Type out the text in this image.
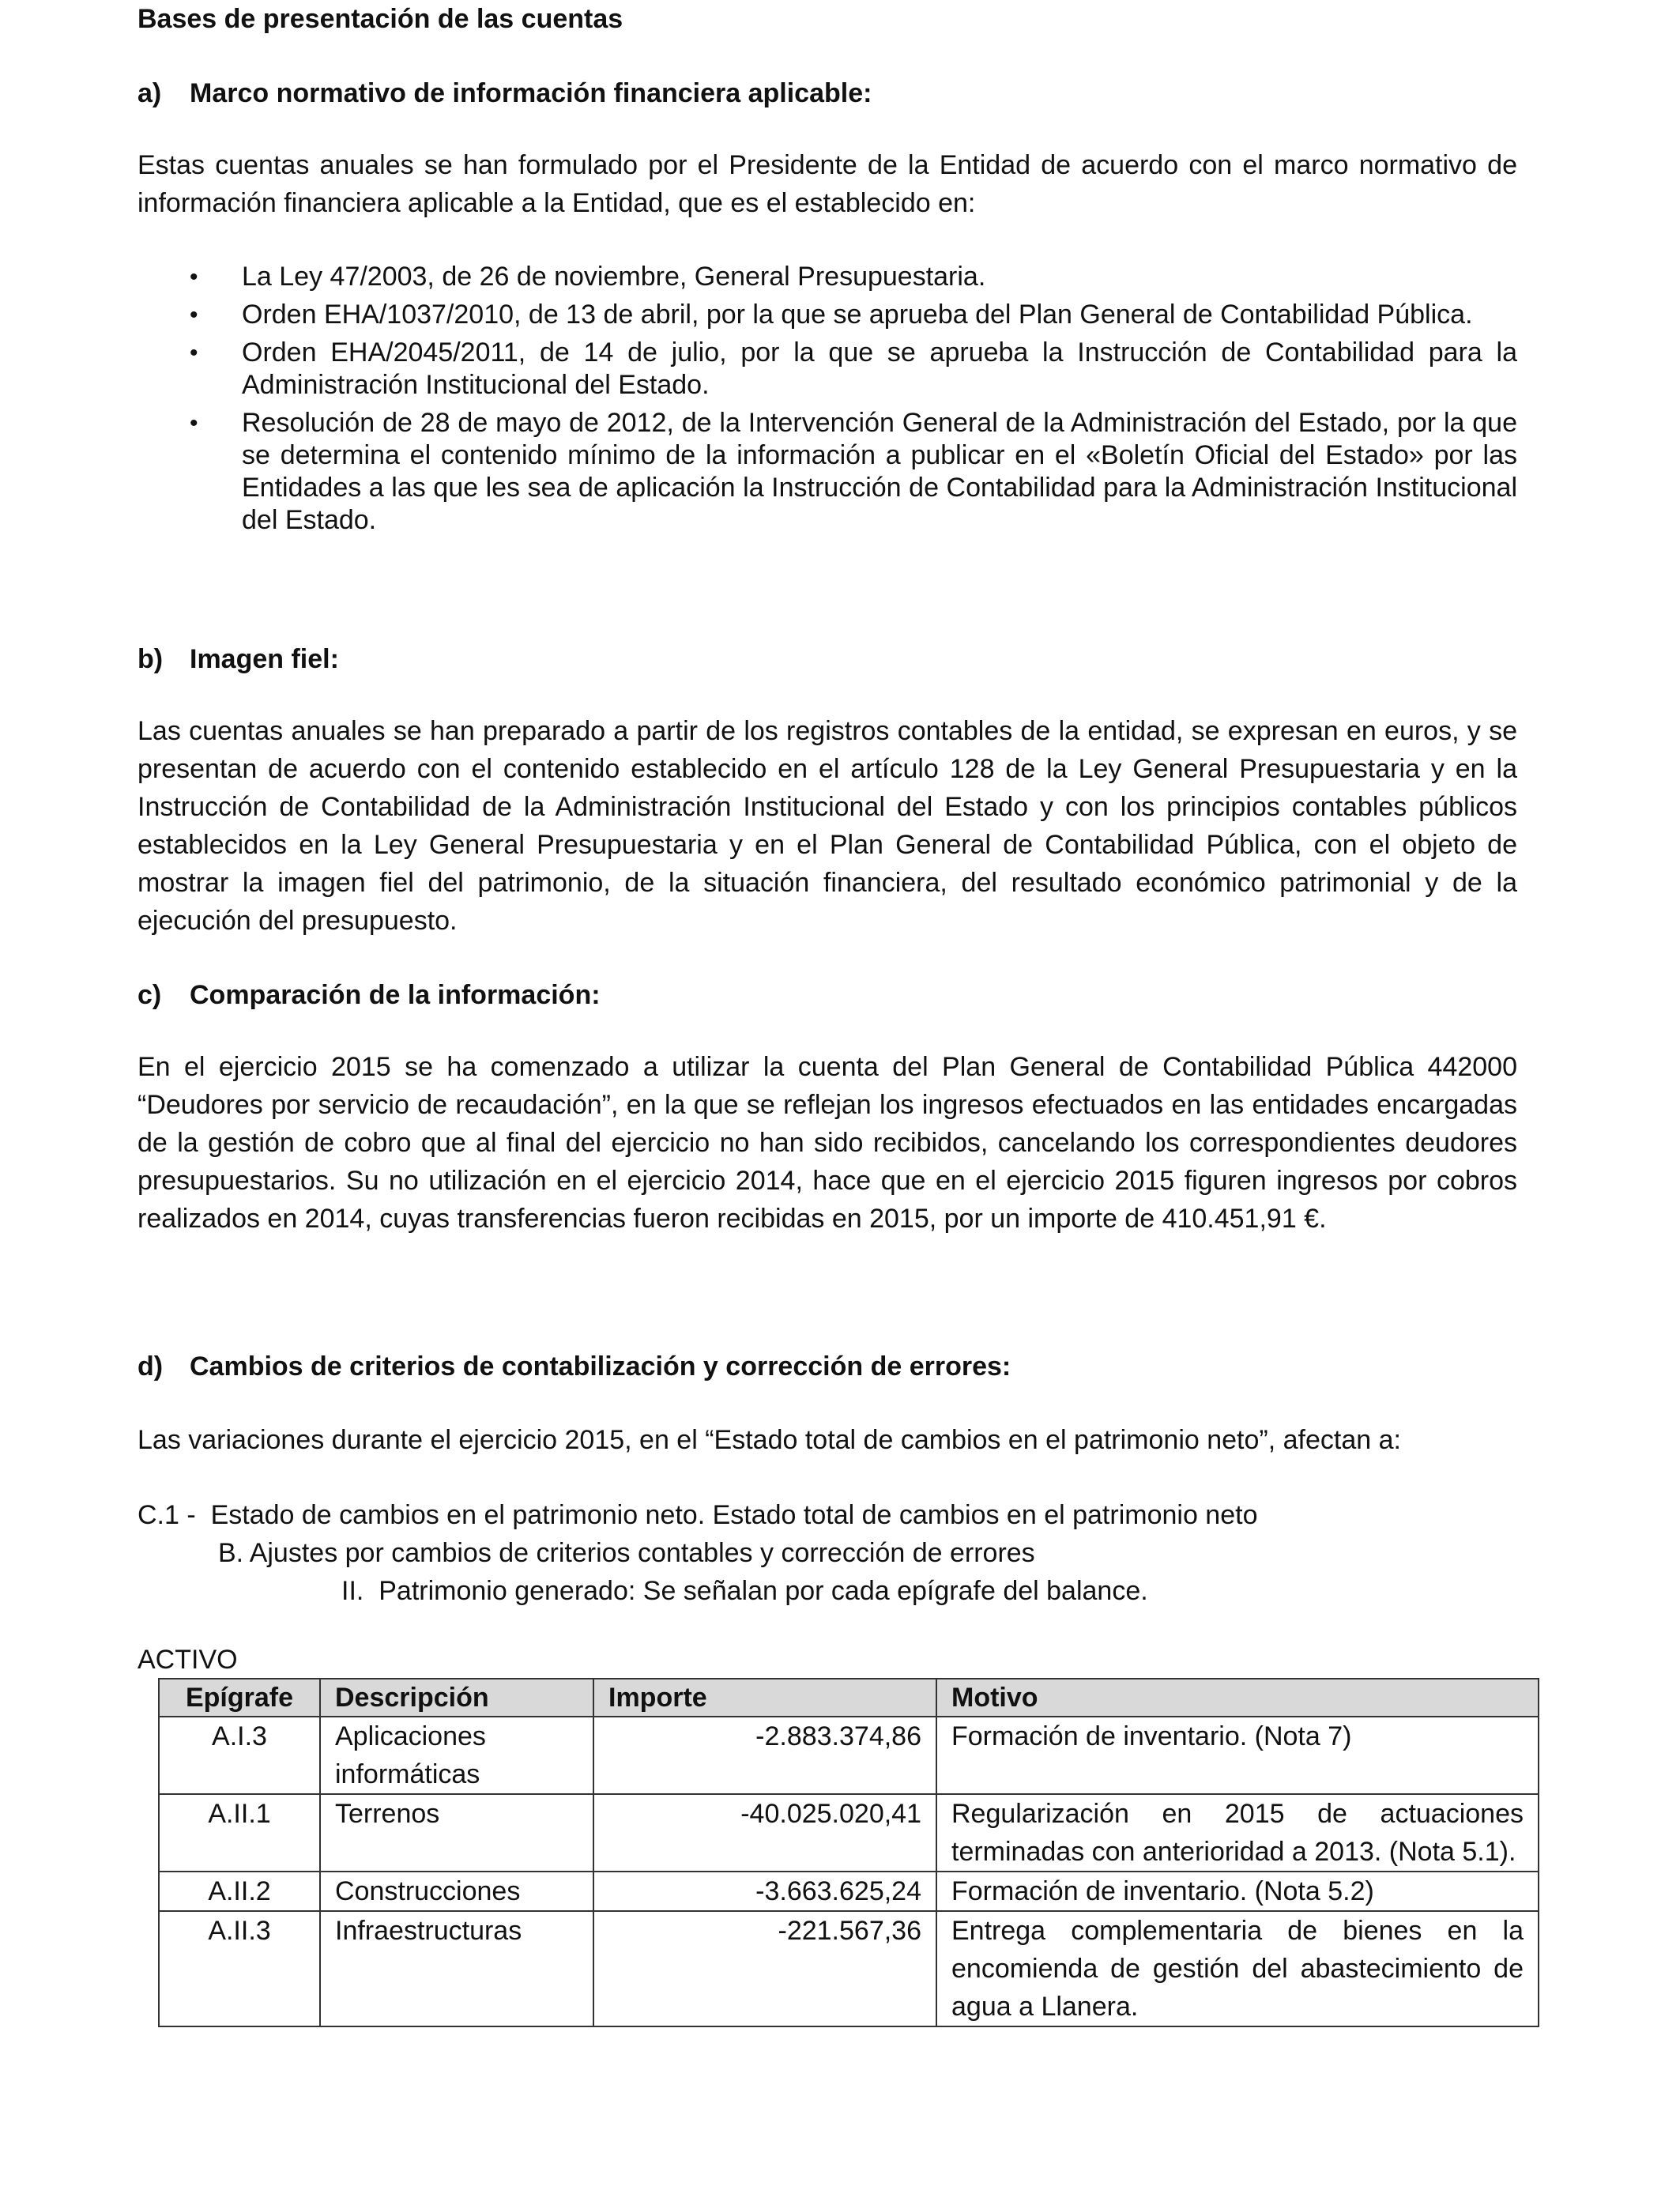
Bases de presentación de las cuentas

a)	Marco normativo de información financiera aplicable:

Estas cuentas anuales se han formulado por el Presidente de la Entidad de acuerdo con el marco normativo de información financiera aplicable a la Entidad, que es el establecido en:

• La Ley 47/2003, de 26 de noviembre, General Presupuestaria.
• Orden EHA/1037/2010, de 13 de abril, por la que se aprueba del Plan General de Contabilidad Pública.
• Orden EHA/2045/2011, de 14 de julio, por la que se aprueba la Instrucción de Contabilidad para la Administración Institucional del Estado.
• Resolución de 28 de mayo de 2012, de la Intervención General de la Administración del Estado, por la que se determina el contenido mínimo de la información a publicar en el «Boletín Oficial del Estado» por las Entidades a las que les sea de aplicación la Instrucción de Contabilidad para la Administración Institucional del Estado.
b) Imagen fiel:

Las cuentas anuales se han preparado a partir de los registros contables de la entidad, se expresan en euros, y se presentan de acuerdo con el contenido establecido en el artículo 128 de la Ley General Presupuestaria y en la Instrucción de Contabilidad de la Administración Institucional del Estado y con los principios contables públicos establecidos en la Ley General Presupuestaria y en el Plan General de Contabilidad Pública, con el objeto de mostrar la imagen fiel del patrimonio, de la situación financiera, del resultado económico patrimonial y de la ejecución del presupuesto.

c)	Comparación de la información:

En el ejercicio 2015 se ha comenzado a utilizar la cuenta del Plan General de Contabilidad Pública 442000 “Deudores por servicio de recaudación”, en la que se reflejan los ingresos efectuados en las entidades encargadas de la gestión de cobro que al final del ejercicio no han sido recibidos, cancelando los correspondientes deudores presupuestarios. Su no utilización en el ejercicio 2014, hace que en el ejercicio 2015 figuren ingresos por cobros realizados en 2014, cuyas transferencias fueron recibidas en 2015, por un importe de 410.451,91 €.

d) Cambios de criterios de contabilización y corrección de errores:

Las variaciones durante el ejercicio 2015, en el “Estado total de cambios en el patrimonio neto”, afectan a:

C.1 -  Estado de cambios en el patrimonio neto. Estado total de cambios en el patrimonio neto

B. Ajustes por cambios de criterios contables y corrección de errores

II.  Patrimonio generado: Se señalan por cada epígrafe del balance.

ACTIVO

Epígrafe	Descripción	Importe	Motivo
A.I.3	Aplicaciones informáticas	-2.883.374,86	Formación de inventario. (Nota 7)
A.II.1	Terrenos	-40.025.020,41	Regularización en 2015 de actuaciones terminadas con anterioridad a 2013. (Nota 5.1).
A.II.2	Construcciones	-3.663.625,24	Formación de inventario. (Nota 5.2)
A.II.3	Infraestructuras	-221.567,36	Entrega complementaria de bienes en la encomienda de gestión del abastecimiento de agua a Llanera.
